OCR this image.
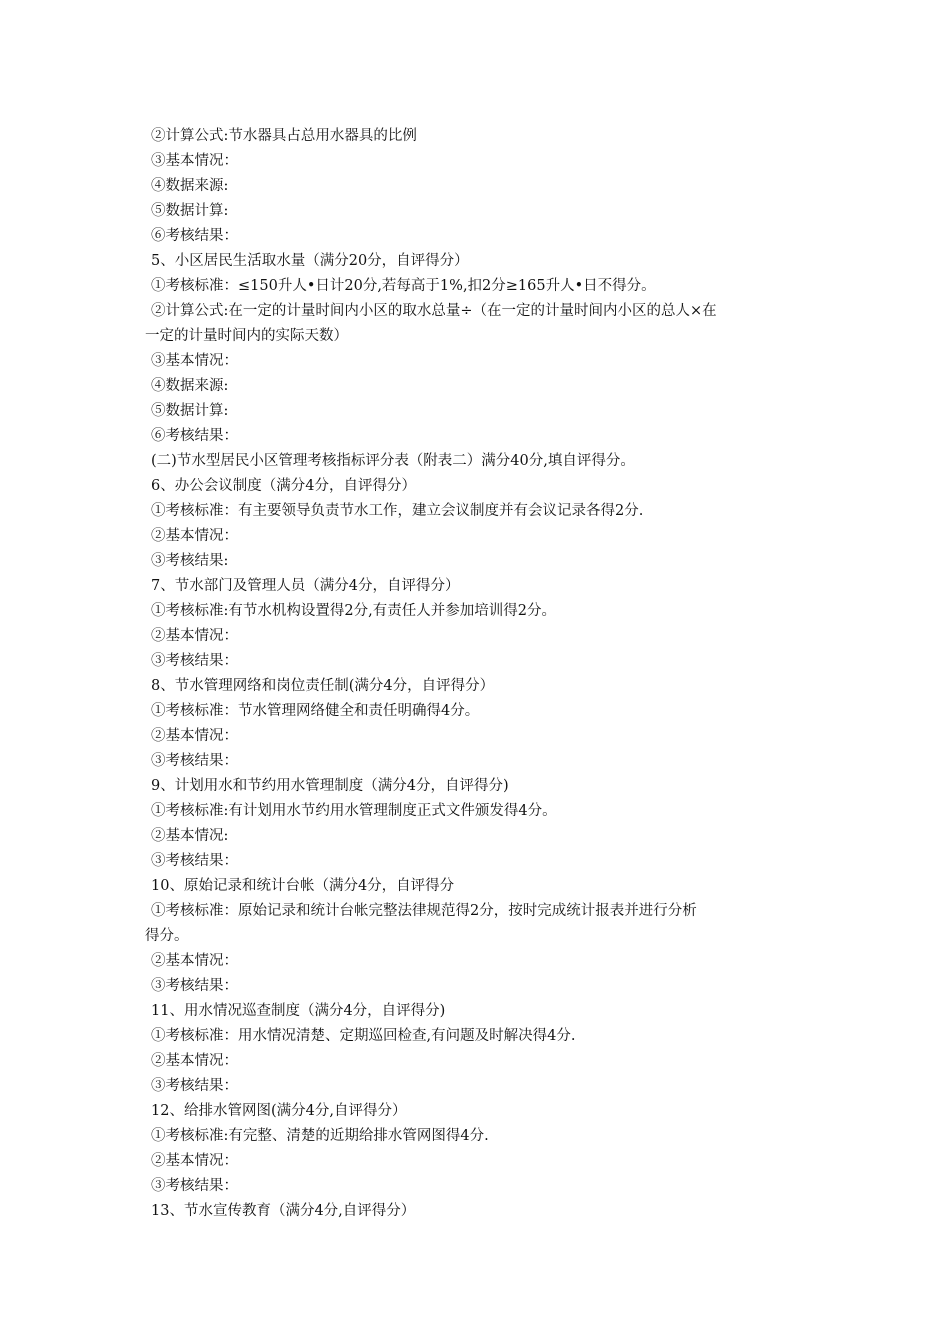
②计算公式:节水器具占总用水器具的比例
③基本情况：
④数据来源:
⑤数据计算:
⑥考核结果：
5、小区居民生活取水量（满分20分，自评得分）
①考核标准：≤150升人•日计20分,若每高于1%,扣2分≥165升人•日不得分。
②计算公式:在一定的计量时间内小区的取水总量÷（在一定的计量时间内小区的总人×在
一定的计量时间内的实际天数）
③基本情况：
④数据来源:
⑤数据计算:
⑥考核结果：
(二)节水型居民小区管理考核指标评分表（附表二）满分40分,填自评得分。
6、办公会议制度（满分4分，自评得分）
①考核标准：有主要领导负责节水工作，建立会议制度并有会议记录各得2分.
②基本情况：
③考核结果:
7、节水部门及管理人员（满分4分，自评得分）
①考核标准:有节水机构设置得2分,有责任人并参加培训得2分。
②基本情况：
③考核结果：
8、节水管理网络和岗位责任制(满分4分，自评得分）
①考核标准：节水管理网络健全和责任明确得4分。
②基本情况：
③考核结果：
9、计划用水和节约用水管理制度（满分4分，自评得分)
①考核标准:有计划用水节约用水管理制度正式文件颁发得4分。
②基本情况:
③考核结果：
10、原始记录和统计台帐（满分4分，自评得分
①考核标准：原始记录和统计台帐完整法律规范得2分，按时完成统计报表并进行分析
得分。
②基本情况：
③考核结果：
11、用水情况巡查制度（满分4分，自评得分)
①考核标准：用水情况清楚、定期巡回检查,有问题及时解决得4分.
②基本情况：
③考核结果：
12、给排水管网图(满分4分,自评得分）
①考核标准:有完整、清楚的近期给排水管网图得4分.
②基本情况：
③考核结果：
13、节水宣传教育（满分4分,自评得分）
